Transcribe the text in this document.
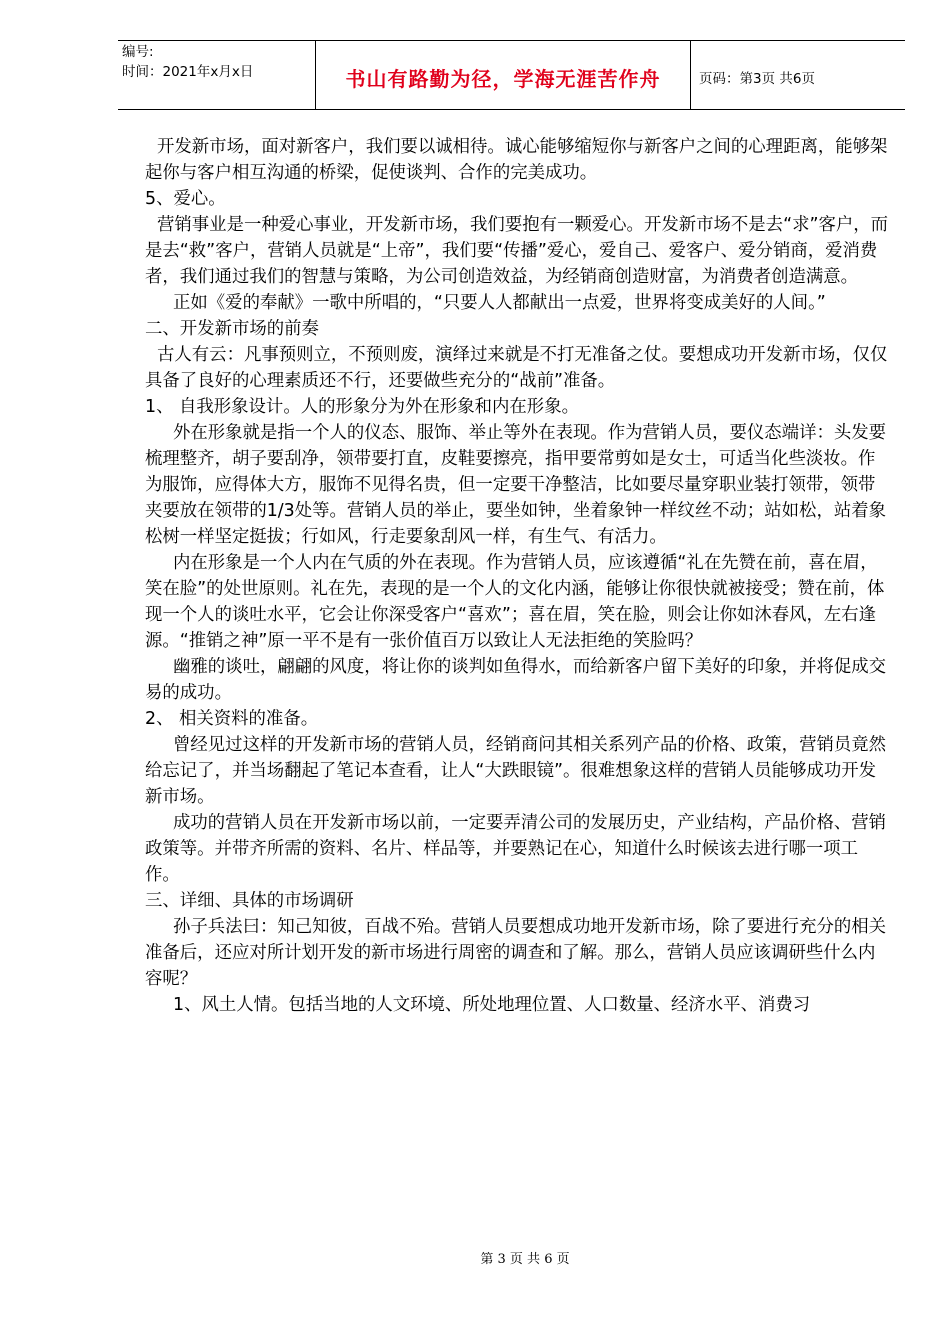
编号:
时间：2021年x月x日	书山有路勤为径，学海无涯苦作舟	页码：第3页 共6页

开发新市场，面对新客户，我们要以诚相待。诚心能够缩短你与新客户之间的心理距离，能够架起你与客户相互沟通的桥梁，促使谈判、合作的完美成功。

5、爱心。

营销事业是一种爱心事业，开发新市场，我们要抱有一颗爱心。开发新市场不是去“求”客户，而是去“救”客户，营销人员就是“上帝”，我们要“传播”爱心，爱自己、爱客户、爱分销商，爱消费者，我们通过我们的智慧与策略，为公司创造效益，为经销商创造财富，为消费者创造满意。

正如《爱的奉献》一歌中所唱的，“只要人人都献出一点爱，世界将变成美好的人间。”

二、开发新市场的前奏

古人有云：凡事预则立，不预则废，演绎过来就是不打无准备之仗。要想成功开发新市场，仅仅具备了良好的心理素质还不行，还要做些充分的“战前”准备。

1、 自我形象设计。人的形象分为外在形象和内在形象。

外在形象就是指一个人的仪态、服饰、举止等外在表现。作为营销人员，要仪态端详：头发要梳理整齐，胡子要刮净，领带要打直，皮鞋要擦亮，指甲要常剪如是女士，可适当化些淡妆。作为服饰，应得体大方，服饰不见得名贵，但一定要干净整洁，比如要尽量穿职业装打领带，领带夹要放在领带的1/3处等。营销人员的举止，要坐如钟，坐着象钟一样纹丝不动；站如松，站着象松树一样坚定挺拔；行如风，行走要象刮风一样，有生气、有活力。

内在形象是一个人内在气质的外在表现。作为营销人员，应该遵循“礼在先赞在前，喜在眉，笑在脸”的处世原则。礼在先，表现的是一个人的文化内涵，能够让你很快就被接受；赞在前，体现一个人的谈吐水平，它会让你深受客户“喜欢”；喜在眉，笑在脸，则会让你如沐春风，左右逢源。“推销之神”原一平不是有一张价值百万以致让人无法拒绝的笑脸吗？

幽雅的谈吐，翩翩的风度，将让你的谈判如鱼得水，而给新客户留下美好的印象，并将促成交易的成功。

2、 相关资料的准备。

曾经见过这样的开发新市场的营销人员，经销商问其相关系列产品的价格、政策，营销员竟然给忘记了，并当场翻起了笔记本查看，让人“大跌眼镜”。很难想象这样的营销人员能够成功开发新市场。

成功的营销人员在开发新市场以前，一定要弄清公司的发展历史，产业结构，产品价格、营销政策等。并带齐所需的资料、名片、样品等，并要熟记在心，知道什么时候该去进行哪一项工作。

三、详细、具体的市场调研

孙子兵法曰：知己知彼，百战不殆。营销人员要想成功地开发新市场，除了要进行充分的相关准备后，还应对所计划开发的新市场进行周密的调查和了解。那么，营销人员应该调研些什么内容呢？

1、风土人情。包括当地的人文环境、所处地理位置、人口数量、经济水平、消费习

第 3 页 共 6 页
